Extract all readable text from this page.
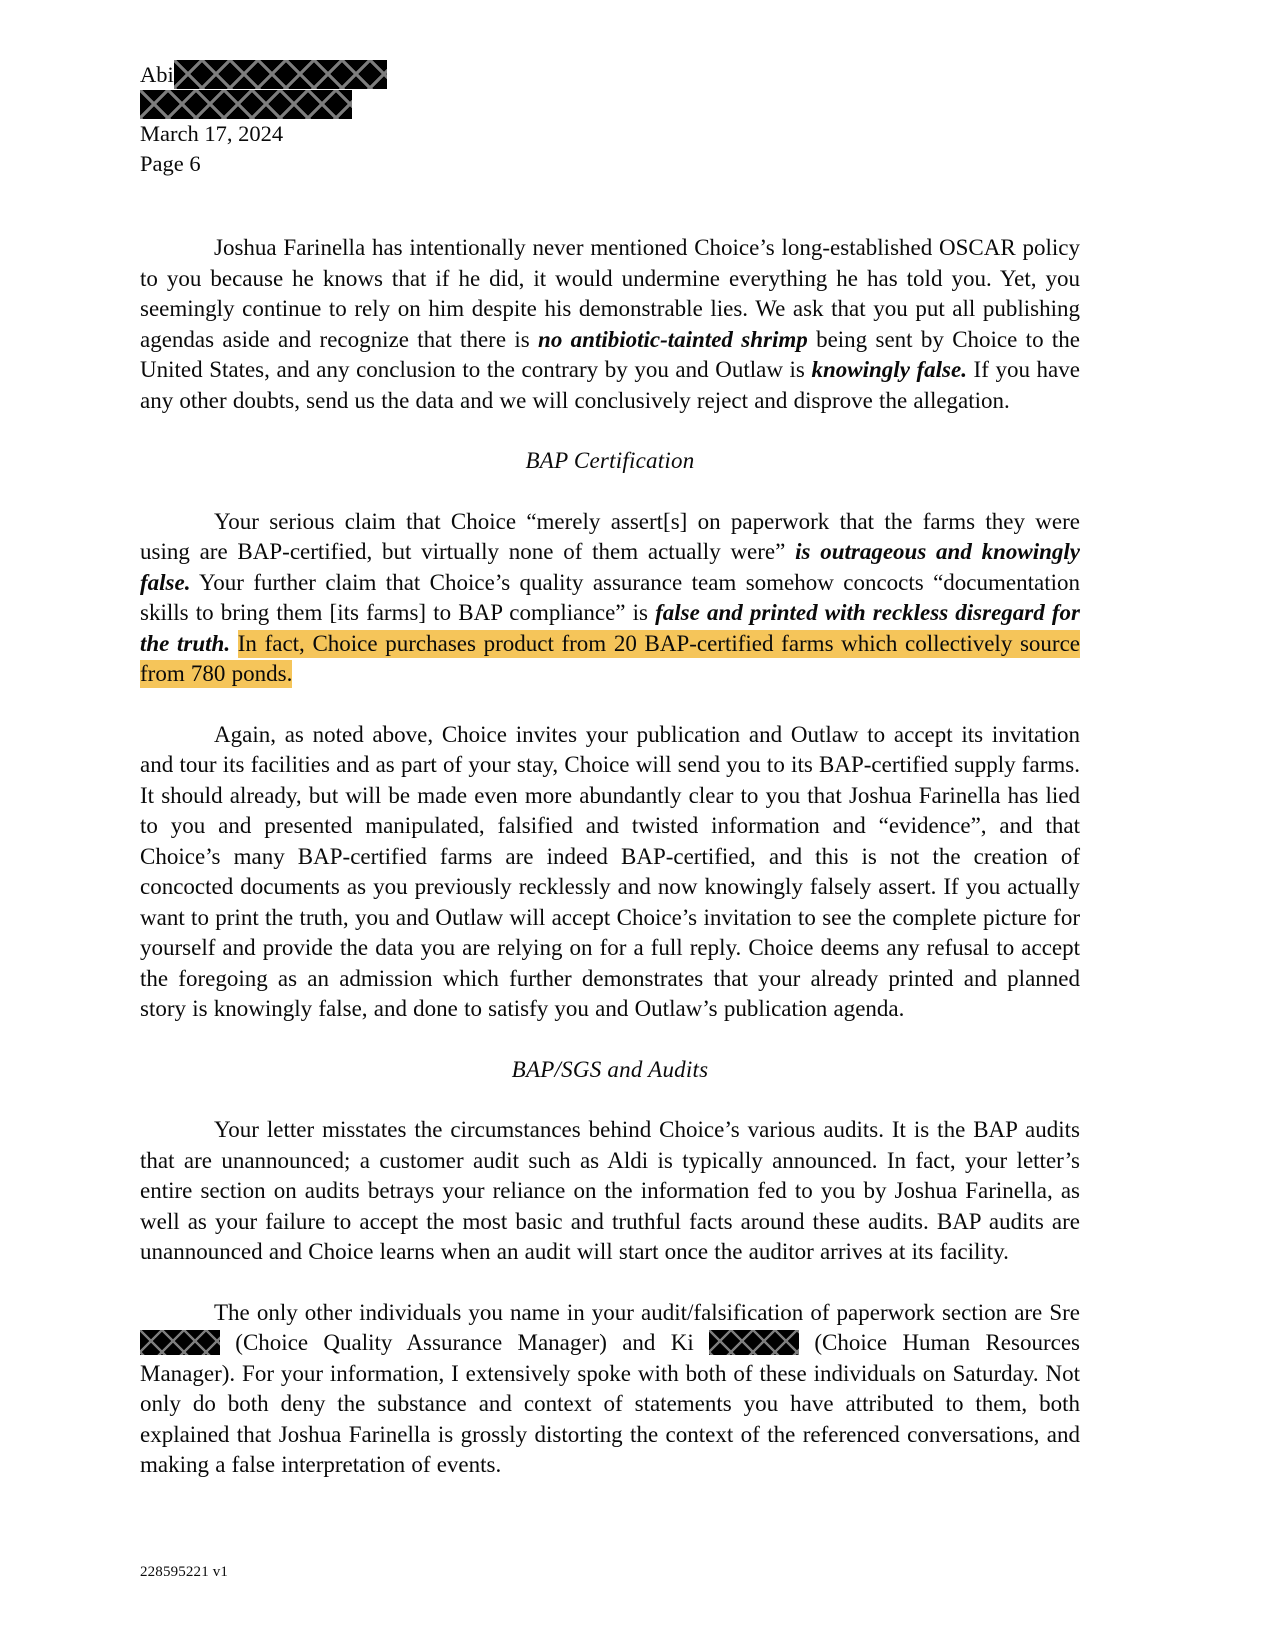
Abi
March 17, 2024
Page 6

Joshua Farinella has intentionally never mentioned Choice’s long-established OSCAR policy to you because he knows that if he did, it would undermine everything he has told you. Yet, you seemingly continue to rely on him despite his demonstrable lies. We ask that you put all publishing agendas aside and recognize that there is no antibiotic-tainted shrimp being sent by Choice to the United States, and any conclusion to the contrary by you and Outlaw is knowingly false. If you have any other doubts, send us the data and we will conclusively reject and disprove the allegation.

BAP Certification

Your serious claim that Choice “merely assert[s] on paperwork that the farms they were using are BAP-certified, but virtually none of them actually were” is outrageous and knowingly false. Your further claim that Choice’s quality assurance team somehow concocts “documentation skills to bring them [its farms] to BAP compliance” is false and printed with reckless disregard for the truth. In fact, Choice purchases product from 20 BAP-certified farms which collectively source from 780 ponds.

Again, as noted above, Choice invites your publication and Outlaw to accept its invitation and tour its facilities and as part of your stay, Choice will send you to its BAP-certified supply farms. It should already, but will be made even more abundantly clear to you that Joshua Farinella has lied to you and presented manipulated, falsified and twisted information and “evidence”, and that Choice’s many BAP-certified farms are indeed BAP-certified, and this is not the creation of concocted documents as you previously recklessly and now knowingly falsely assert. If you actually want to print the truth, you and Outlaw will accept Choice’s invitation to see the complete picture for yourself and provide the data you are relying on for a full reply. Choice deems any refusal to accept the foregoing as an admission which further demonstrates that your already printed and planned story is knowingly false, and done to satisfy you and Outlaw’s publication agenda.

BAP/SGS and Audits

Your letter misstates the circumstances behind Choice’s various audits. It is the BAP audits that are unannounced; a customer audit such as Aldi is typically announced. In fact, your letter’s entire section on audits betrays your reliance on the information fed to you by Joshua Farinella, as well as your failure to accept the most basic and truthful facts around these audits. BAP audits are unannounced and Choice learns when an audit will start once the auditor arrives at its facility.

The only other individuals you name in your audit/falsification of paperwork section are Sre (Choice Quality Assurance Manager) and Ki	(Choice Human Resources Manager). For your information, I extensively spoke with both of these individuals on Saturday. Not only do both deny the substance and context of statements you have attributed to them, both explained that Joshua Farinella is grossly distorting the context of the referenced conversations, and making a false interpretation of events.

228595221 v1
